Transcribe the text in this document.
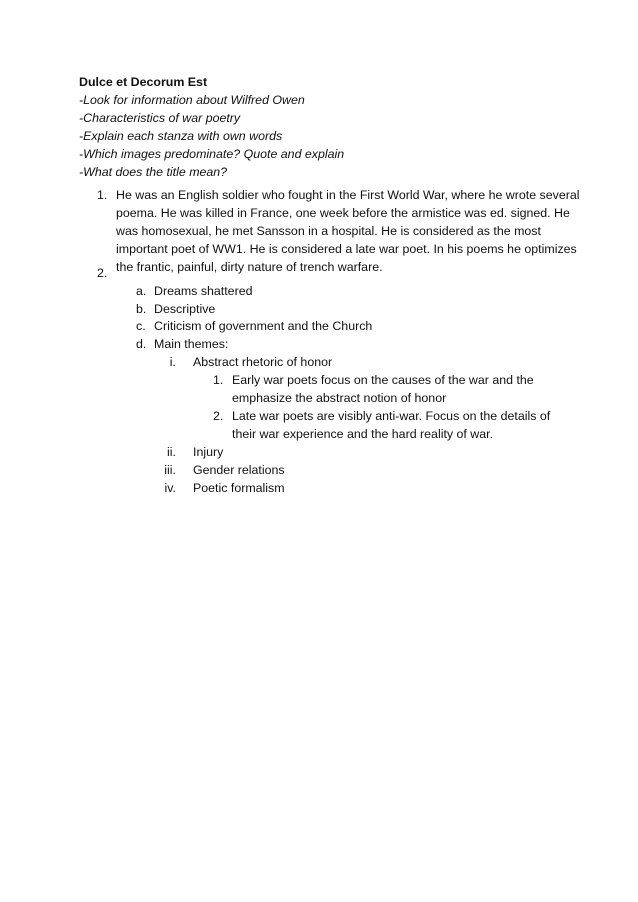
Dulce et Decorum Est
-Look for information about Wilfred Owen
-Characteristics of war poetry
-Explain each stanza with own words
-Which images predominate? Quote and explain
-What does the title mean?
1. He was an English soldier who fought in the First World War, where he wrote several
poema. He was killed in France, one week before the armistice was ed. signed. He
was homosexual, he met Sansson in a hospital. He is considered as the most
important poet of WW1. He is considered a late war poet. In his poems he optimizes
the frantic, painful, dirty nature of trench warfare.
2.
a. Dreams shattered
b. Descriptive
c. Criticism of government and the Church
d. Main themes:
i. Abstract rhetoric of honor
1. Early war poets focus on the causes of the war and the
emphasize the abstract notion of honor
2. Late war poets are visibly anti-war. Focus on the details of
their war experience and the hard reality of war.
ii. Injury
iii. Gender relations
iv. Poetic formalism
